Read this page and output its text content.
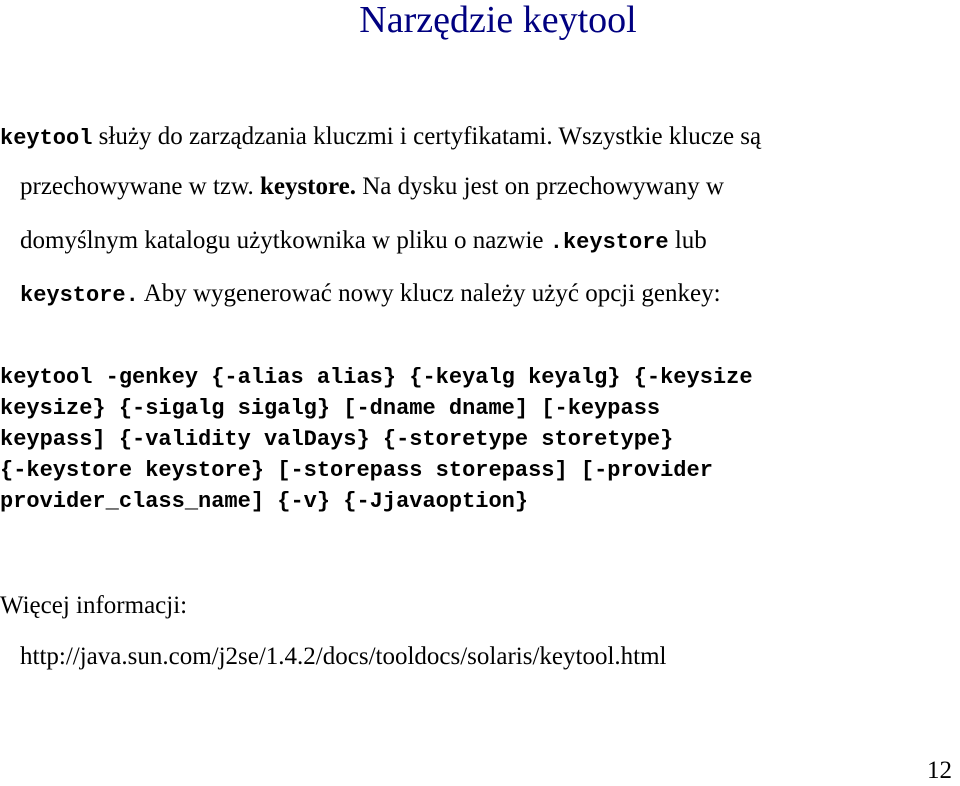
Narzędzie keytool
keytool służy do zarządzania kluczmi i certyfikatami. Wszystkie klucze są
przechowywane w tzw. keystore. Na dysku jest on przechowywany w
domyślnym katalogu użytkownika w pliku o nazwie .keystore lub
keystore. Aby wygenerować nowy klucz należy użyć opcji genkey:
keytool -genkey {-alias alias} {-keyalg keyalg} {-keysize
keysize} {-sigalg sigalg} [-dname dname] [-keypass
keypass] {-validity valDays} {-storetype storetype}
{-keystore keystore} [-storepass storepass] [-provider
provider_class_name] {-v} {-Jjavaoption}
Więcej informacji:
http://java.sun.com/j2se/1.4.2/docs/tooldocs/solaris/keytool.html
12
